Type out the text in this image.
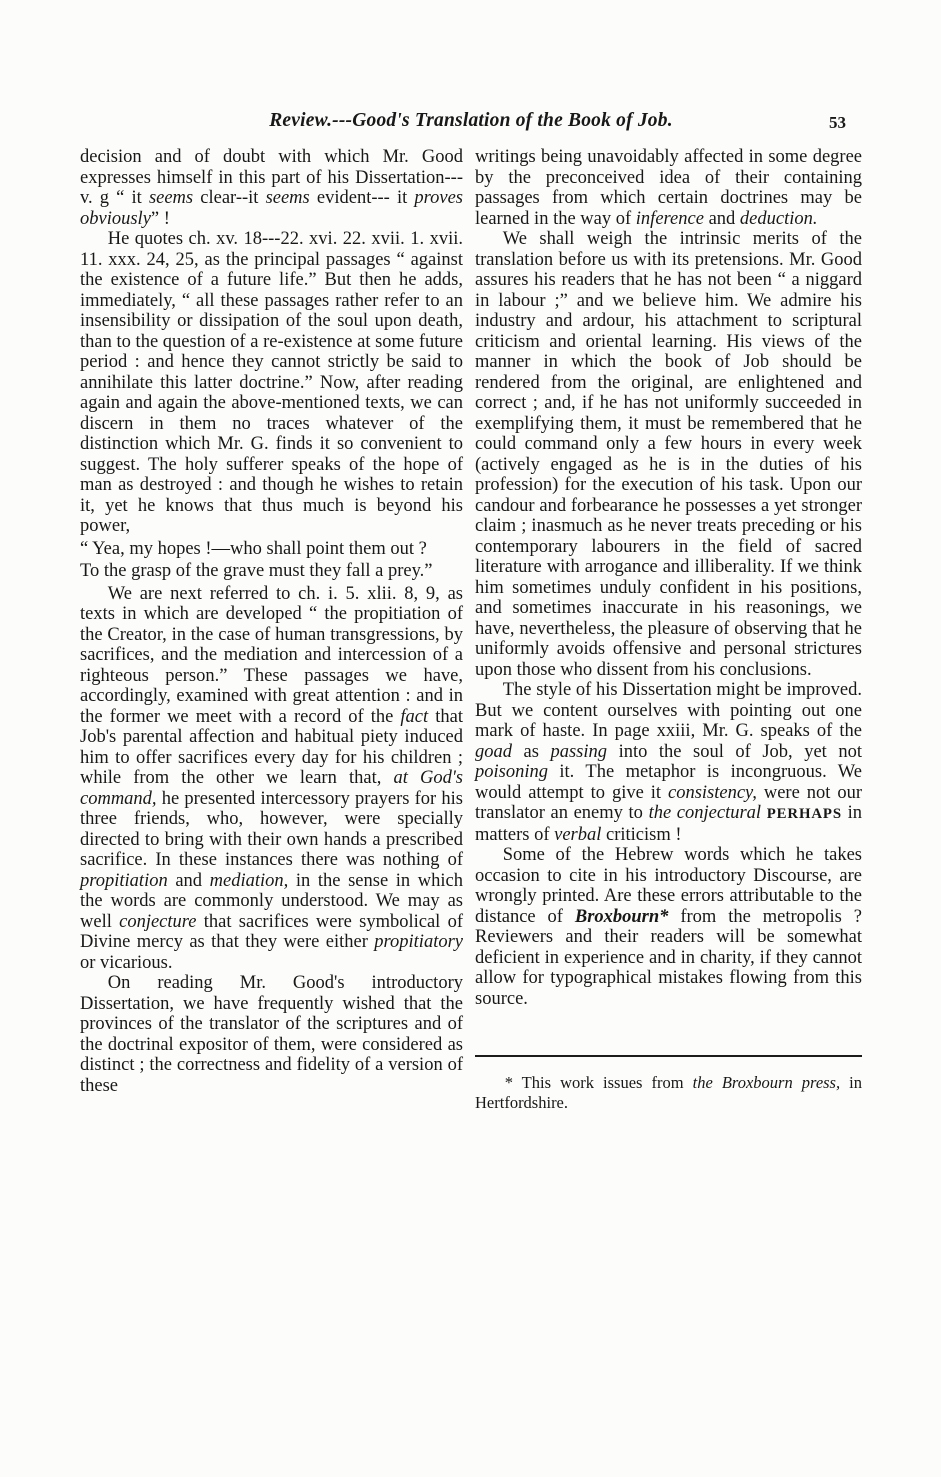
Review.---Good's Translation of the Book of Job.	53

decision and of doubt with which Mr. Good expresses himself in this part of his Dissertation--- v. g “ it seems clear--it seems evident--- it proves obviously” !

He quotes ch. xv. 18---22. xvi. 22. xvii. 1. xvii. 11. xxx. 24, 25, as the principal passages “ against the existence of a future life.” But then he adds, immediately, “ all these passages rather refer to an insensibility or dissipation of the soul upon death, than to the question of a re-existence at some future period : and hence they cannot strictly be said to annihilate this latter doctrine.” Now, after reading again and again the above-mentioned texts, we can discern in them no traces whatever of the distinction which Mr. G. finds it so convenient to suggest. The holy sufferer speaks of the hope of man as destroyed : and though he wishes to retain it, yet he knows that thus much is beyond his power,

“ Yea, my hopes !—who shall point them out ?

To the grasp of the grave must they fall a prey.”

We are next referred to ch. i. 5. xlii. 8, 9, as texts in which are developed “ the propitiation of the Creator, in the case of human transgressions, by sacrifices, and the mediation and intercession of a righteous person.” These passages we have, accordingly, examined with great attention : and in the former we meet with a record of the fact that Job's parental affection and habitual piety induced him to offer sacrifices every day for his children ; while from the other we learn that, at God's command, he presented intercessory prayers for his three friends, who, however, were specially directed to bring with their own hands a prescribed sacrifice. In these instances there was nothing of propitiation and mediation, in the sense in which the words are commonly understood. We may as well conjecture that sacrifices were symbolical of Divine mercy as that they were either propitiatory or vicarious.

On reading Mr. Good's introductory Dissertation, we have frequently wished that the provinces of the translator of the scriptures and of the doctrinal expositor of them, were considered as distinct ; the correctness and fidelity of a version of these

writings being unavoidably affected in some degree by the preconceived idea of their containing passages from which certain doctrines may be learned in the way of inference and deduction.

We shall weigh the intrinsic merits of the translation before us with its pretensions. Mr. Good assures his readers that he has not been “ a niggard in labour ;” and we believe him. We admire his industry and ardour, his attachment to scriptural criticism and oriental learning. His views of the manner in which the book of Job should be rendered from the original, are enlightened and correct ; and, if he has not uniformly succeeded in exemplifying them, it must be remembered that he could command only a few hours in every week (actively engaged as he is in the duties of his profession) for the execution of his task. Upon our candour and forbearance he possesses a yet stronger claim ; inasmuch as he never treats preceding or his contemporary labourers in the field of sacred literature with arrogance and illiberality. If we think him sometimes unduly confident in his positions, and sometimes inaccurate in his reasonings, we have, nevertheless, the pleasure of observing that he uniformly avoids offensive and personal strictures upon those who dissent from his conclusions.

The style of his Dissertation might be improved. But we content ourselves with pointing out one mark of haste. In page xxiii, Mr. G. speaks of the goad as passing into the soul of Job, yet not poisoning it. The metaphor is incongruous. We would attempt to give it consistency, were not our translator an enemy to the conjectural PERHAPS in matters of verbal criticism !

Some of the Hebrew words which he takes occasion to cite in his introductory Discourse, are wrongly printed. Are these errors attributable to the distance of Broxbourn* from the metropolis ? Reviewers and their readers will be somewhat deficient in experience and in charity, if they cannot allow for typographical mistakes flowing from this source.

* This work issues from the Broxbourn press, in Hertfordshire.
